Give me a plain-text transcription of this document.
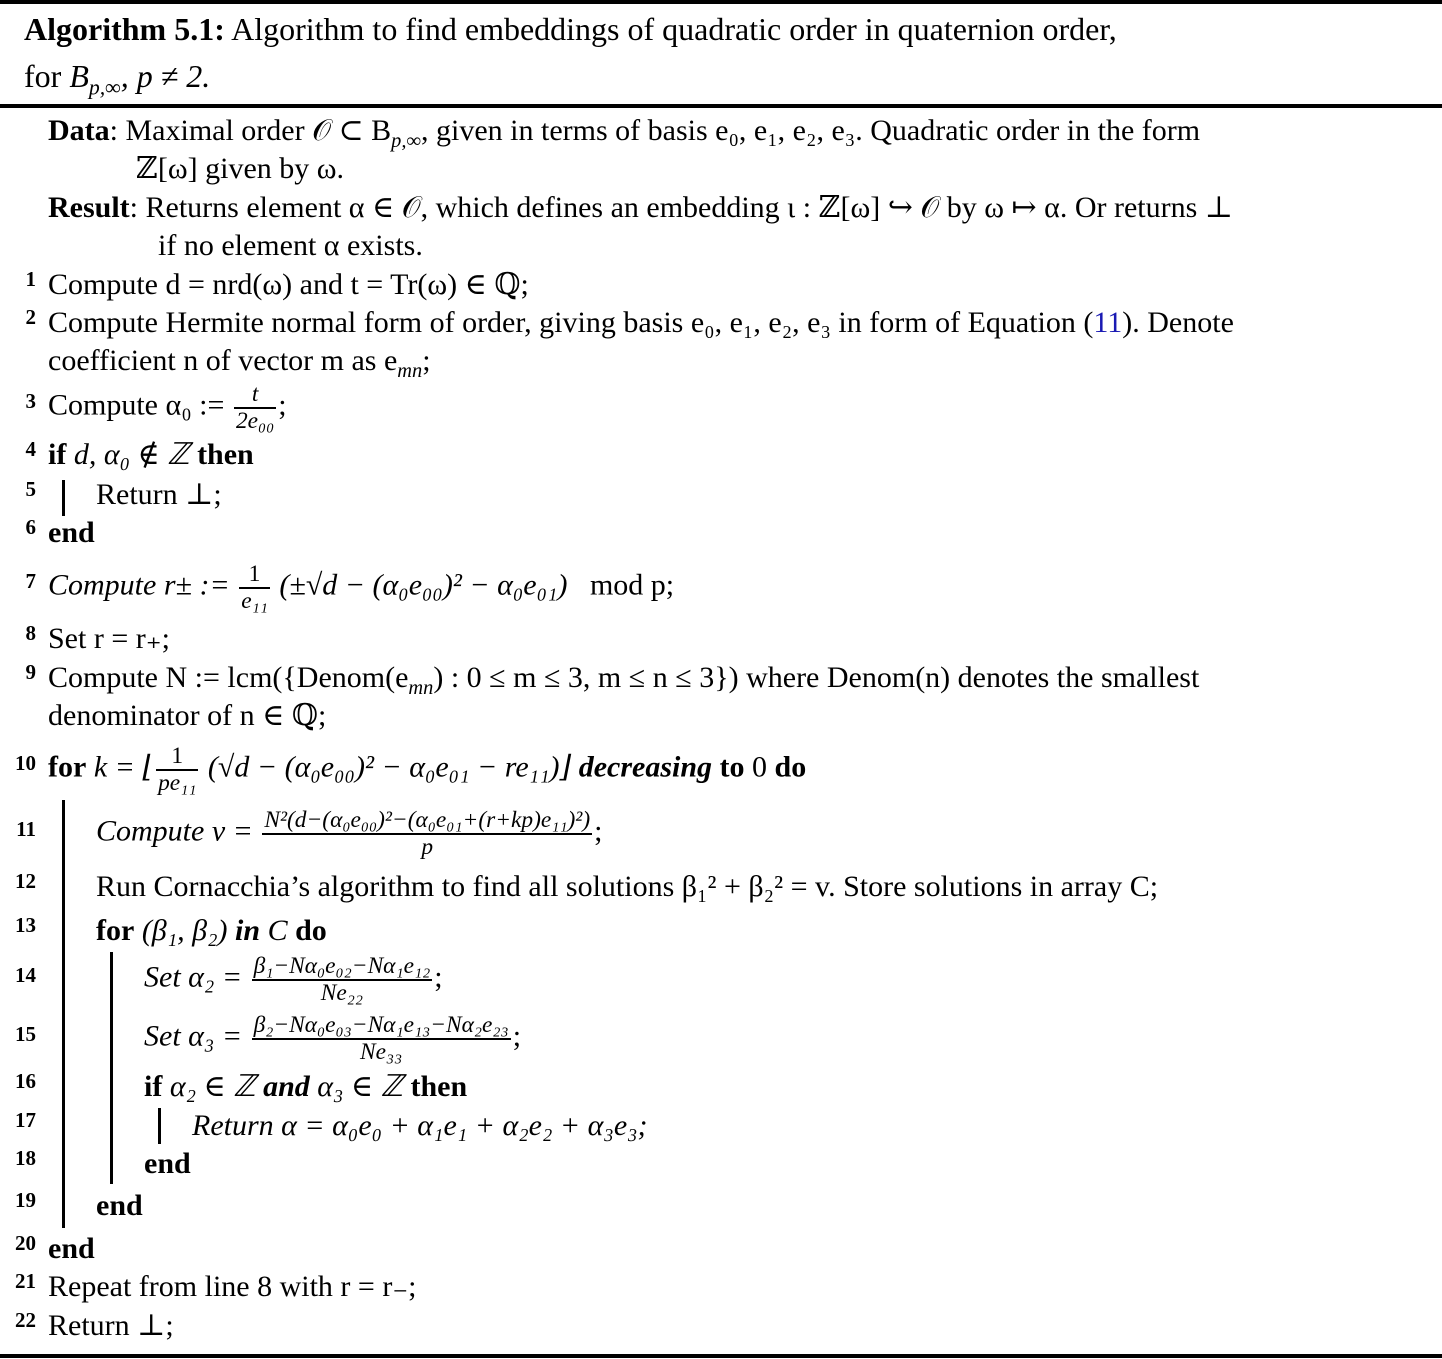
Algorithm 5.1: Algorithm to find embeddings of quadratic order in quaternion order,
for $B_{p,\infty}$, p ≠ 2.
Data: Maximal order 𝒪 ⊂ $B_{p,\infty}$, given in terms of basis e₀, e₁, e₂, e₃. Quadratic order in the form
ℤ[ω] given by ω.
Result: Returns element α ∈ 𝒪, which defines an embedding ι : ℤ[ω] ↪ 𝒪 by ω ↦ α. Or returns ⊥
if no element α exists.
1 Compute d = nrd(ω) and t = Tr(ω) ∈ ℚ;
2 Compute Hermite normal form of order, giving basis e₀, e₁, e₂, e₃ in form of Equation (11). Denote
coefficient n of vector m as $e_{mn}$;
3 Compute α₀ := $\frac{t}{\text{2e₀₀}}$ ;
4 if d, α₀ ∉ ℤ then
5 Return ⊥;
6 end
7 Compute r± := $\frac{1}{\text{e₁₁}} (\pm√d - (\alpha_0e_{00})^2 - \alpha_0e_{01})$ mod p;
8 Set r = r₊;
9 Compute N := $lcm(\{Denom(e_{mn})$ : 0 ≤ m ≤ 3, m ≤ n ≤ 3}) where Denom(n) denotes the smallest
denominator of n ∈ ℚ;
10 for k = ⌊ $\frac{1}{\text{pe₁₁}} (√d - (\alpha_0e_{00})^2 - \alpha_0e_{01}$ − re₁₁)⌋ decreasing to 0 do
11 Compute $v = \frac{\text{N²(d−(α₀e₀₀)²−(α₀e₀₁+(r+kp)e₁₁)²)}}{p}$ ;
12 Run Cornacchia’s algorithm to find all solutions β₁² + β₂² = v. Store solutions in array C;
13 for (β₁, β₂) in C do
14	Set $\alpha_2 = \frac{\text{β₁−Nα₀e₀₂−Nα₁e₁₂}}{\text{Ne₂₂}}$ ;
15	Set $\alpha_3 = \frac{\text{β₂−Nα₀e₀₃−Nα₁e₁₃−Nα₂e₂₃}}{\text{Ne₃₃}}$ ;
16	if α₂ ∈ ℤ and α₃ ∈ ℤ then
17	Return α = α₀e₀ + α₁e₁ + α₂e₂ + α₃e₃;
18	end
19 end
20 end
21 Repeat from line 8 with r = r₋;
22 Return ⊥;
